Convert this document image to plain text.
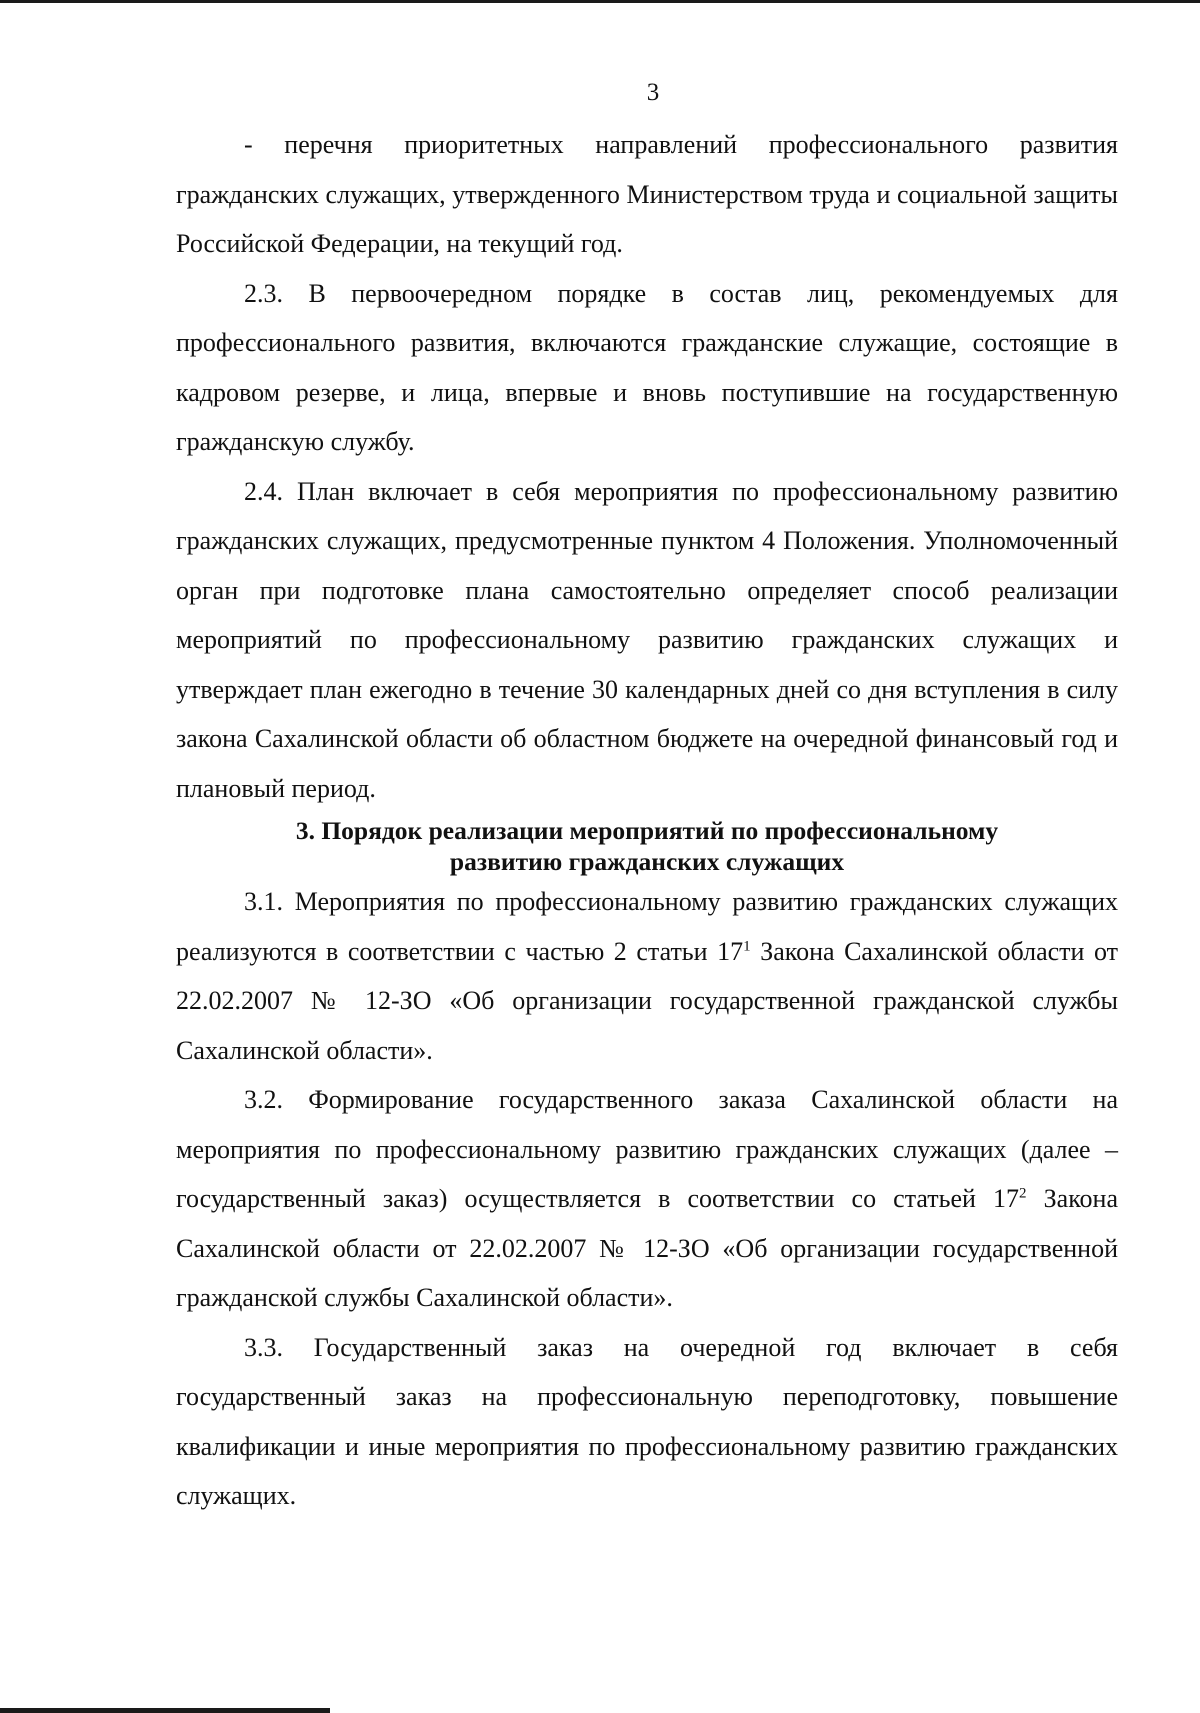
3

- перечня приоритетных направлений профессионального развития гражданских служащих, утвержденного Министерством труда и социальной защиты Российской Федерации, на текущий год.

2.3. В первоочередном порядке в состав лиц, рекомендуемых для профессионального развития, включаются гражданские служащие, состоящие в кадровом резерве, и лица, впервые и вновь поступившие на государственную гражданскую службу.

2.4. План включает в себя мероприятия по профессиональному развитию гражданских служащих, предусмотренные пунктом 4 Положения. Уполномоченный орган при подготовке плана самостоятельно определяет способ реализации мероприятий по профессиональному развитию гражданских служащих и утверждает план ежегодно в течение 30 календарных дней со дня вступления в силу закона Сахалинской области об областном бюджете на очередной финансовый год и плановый период.

3. Порядок реализации мероприятий по профессиональному
развитию гражданских служащих

3.1. Мероприятия по профессиональному развитию гражданских служащих реализуются в соответствии с частью 2 статьи $17^1$ Закона Сахалинской области от 22.02.2007 № 12-ЗО «Об организации государственной гражданской службы Сахалинской области».

3.2. Формирование государственного заказа Сахалинской области на мероприятия по профессиональному развитию гражданских служащих (далее – государственный заказ) осуществляется в соответствии со статьей $17^2$ Закона Сахалинской области от 22.02.2007 № 12-ЗО «Об организации государственной гражданской службы Сахалинской области».

3.3. Государственный заказ на очередной год включает в себя государственный заказ на профессиональную переподготовку, повышение квалификации и иные мероприятия по профессиональному развитию гражданских служащих.
